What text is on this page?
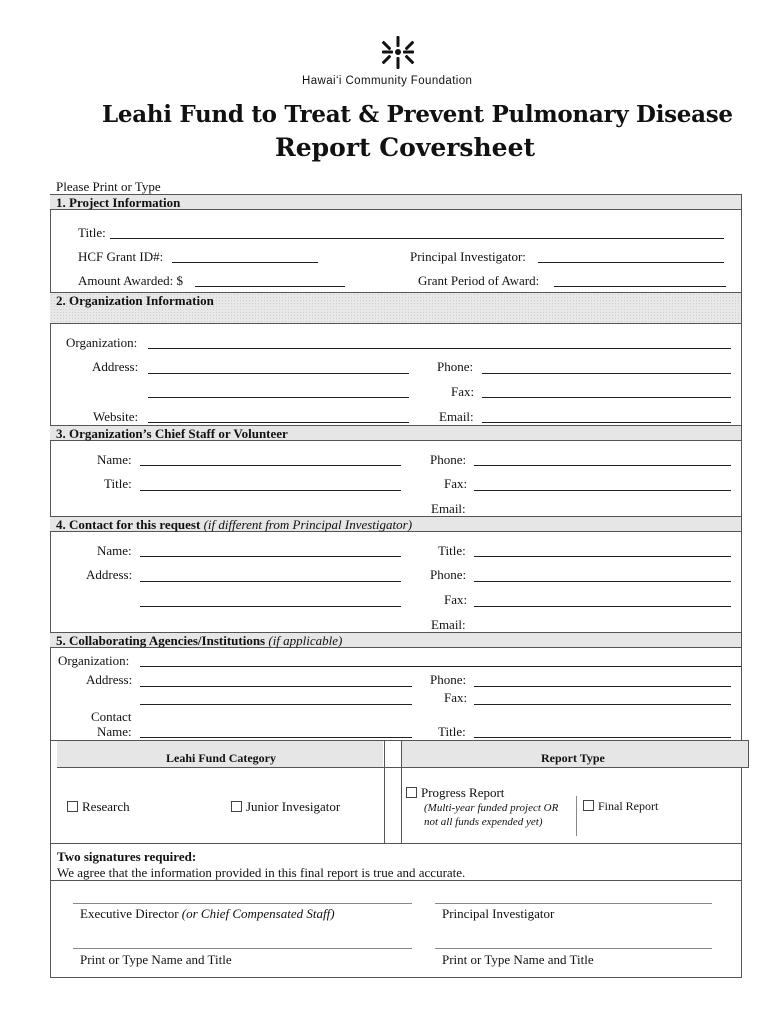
Hawai‘i Community Foundation
Leahi Fund to Treat & Prevent Pulmonary Disease
Report Coversheet
Please Print or Type
1. Project Information
Title:
HCF Grant ID#:	Principal Investigator:
Amount Awarded: $	Grant Period of Award:
2. Organization Information
Organization:
Address:	Phone:
Fax:
Website:	Email:
3. Organization’s Chief Staff or Volunteer
Name:	Phone:
Title:	Fax:
Email:
4. Contact for this request (if different from Principal Investigator)
Name:	Title:
Address:	Phone:
Fax:
Email:
5. Collaborating Agencies/Institutions (if applicable)
Organization:
Address:	Phone:
Fax:
Contact
Name:	Title:
Leahi Fund Category	Report Type
Research	Junior Invesigator
Progress Report
(Multi-year funded project OR
not all funds expended yet)
Final Report
Two signatures required:
We agree that the information provided in this final report is true and accurate.
Executive Director (or Chief Compensated Staff)	Principal Investigator
Print or Type Name and Title	Print or Type Name and Title
